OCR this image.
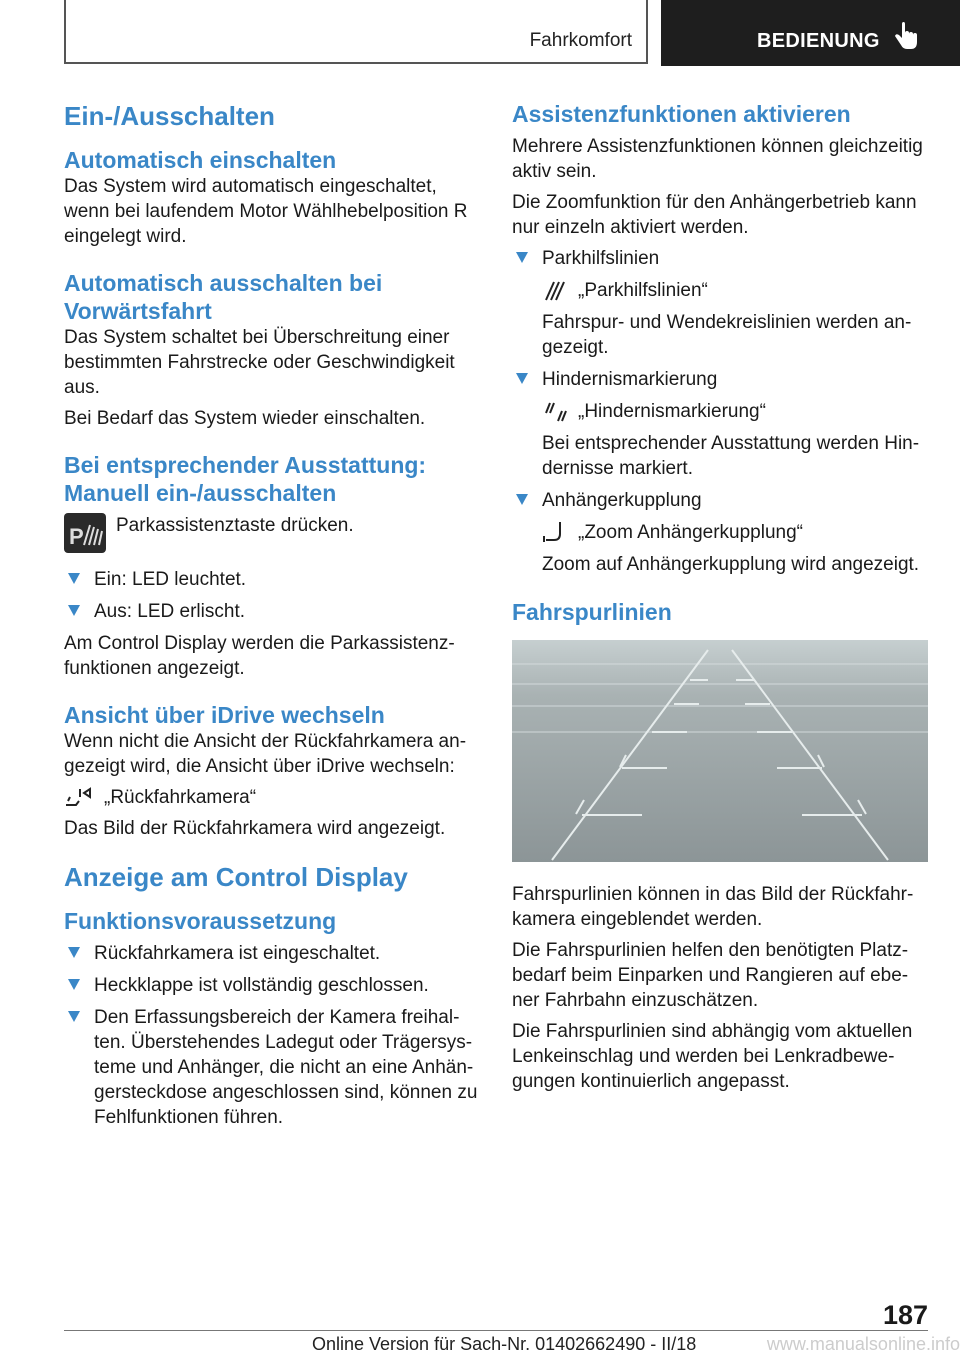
Fahrkomfort	BEDIENUNG
Ein-/Ausschalten
Automatisch einschalten

Das System wird automatisch eingeschaltet, wenn bei laufendem Motor Wählhebelposition R eingelegt wird.

Automatisch ausschalten bei Vorwärtsfahrt

Das System schaltet bei Überschreitung einer bestimmten Fahrstrecke oder Geschwindigkeit aus.

Bei Bedarf das System wieder einschalten.

Bei entsprechender Ausstattung: Manuell ein-/ausschalten
P Parkassistenztaste drücken.
Ein: LED leuchtet.
Aus: LED erlischt.

Am Control Display werden die Parkassistenzfunktionen angezeigt.

Ansicht über iDrive wechseln

Wenn nicht die Ansicht der Rückfahrkamera angezeigt wird, die Ansicht über iDrive wechseln:

„Rückfahrkamera“

Das Bild der Rückfahrkamera wird angezeigt.

Anzeige am Control Display
Funktionsvoraussetzung
Rückfahrkamera ist eingeschaltet.
Heckklappe ist vollständig geschlossen.
Den Erfassungsbereich der Kamera freihalten. Überstehendes Ladegut oder Trägersysteme und Anhänger, die nicht an eine Anhängersteckdose angeschlossen sind, können zu Fehlfunktionen führen.
Assistenzfunktionen aktivieren

Mehrere Assistenzfunktionen können gleichzeitig aktiv sein.

Die Zoomfunktion für den Anhängerbetrieb kann nur einzeln aktiviert werden.

Parkhilfslinien
„Parkhilfslinien“
Fahrspur- und Wendekreislinien werden angezeigt.
Hindernismarkierung
„Hindernismarkierung“
Bei entsprechender Ausstattung werden Hindernisse markiert.
Anhängerkupplung
„Zoom Anhängerkupplung“
Zoom auf Anhängerkupplung wird angezeigt.
Fahrspurlinien

Fahrspurlinien können in das Bild der Rückfahrkamera eingeblendet werden.

Die Fahrspurlinien helfen den benötigten Platzbedarf beim Einparken und Rangieren auf ebener Fahrbahn einzuschätzen.

Die Fahrspurlinien sind abhängig vom aktuellen Lenkeinschlag und werden bei Lenkradbewegungen kontinuierlich angepasst.

187
Online Version für Sach-Nr. 01402662490 - II/18	www.manualsonline.info
